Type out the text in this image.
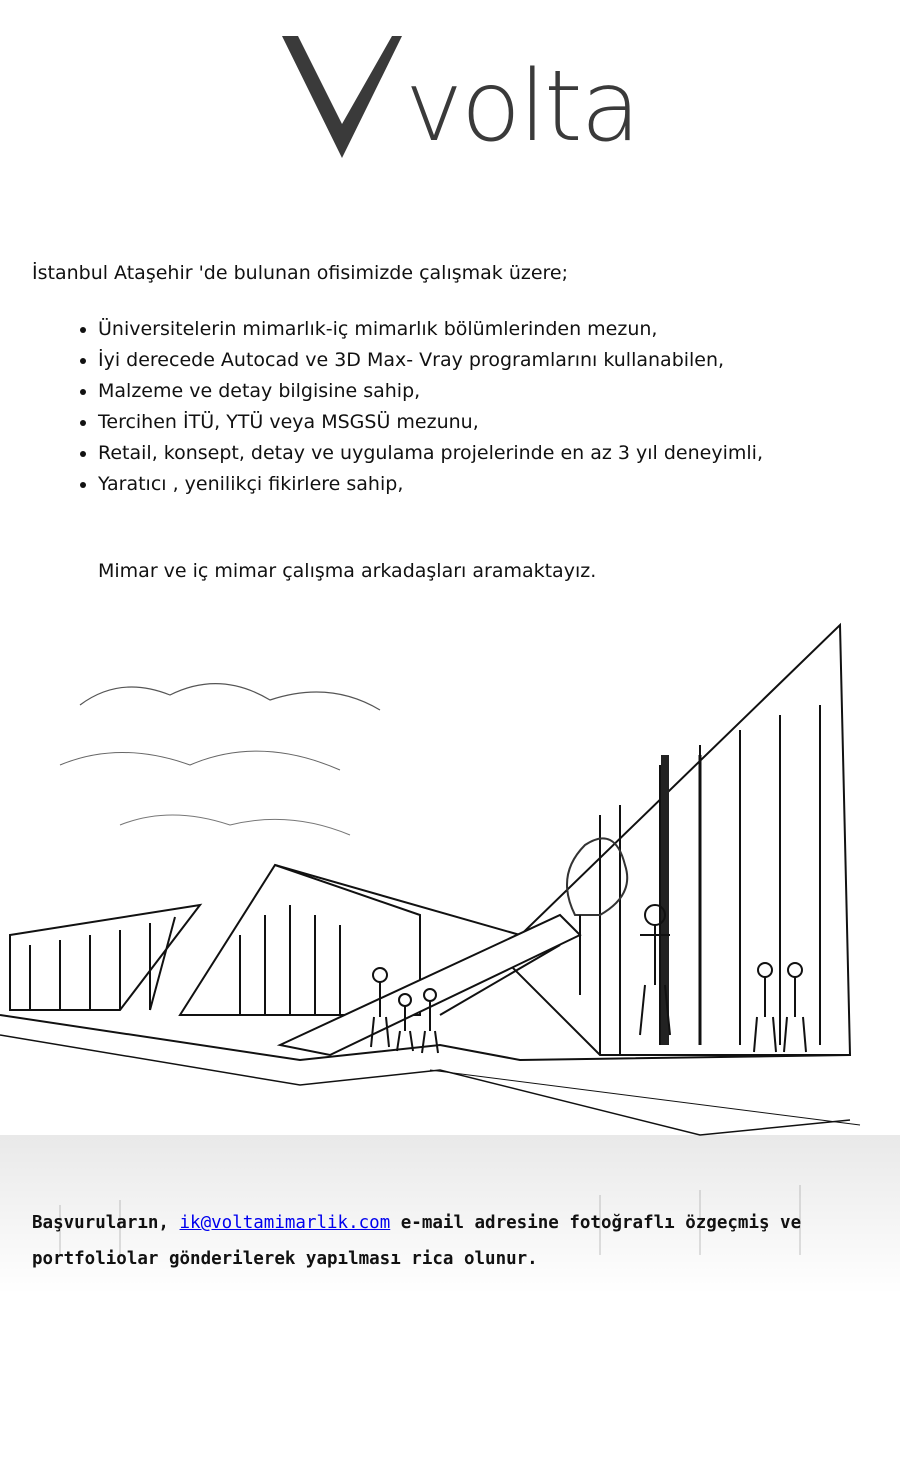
volta

İstanbul Ataşehir 'de bulunan ofisimizde çalışmak üzere;

• Üniversitelerin mimarlık-iç mimarlık bölümlerinden mezun,
• İyi derecede Autocad ve 3D Max- Vray programlarını kullanabilen,
• Malzeme ve detay bilgisine sahip,
• Tercihen İTÜ, YTÜ veya MSGSÜ mezunu,
• Retail, konsept, detay ve uygulama projelerinde en az 3 yıl deneyimli,
• Yaratıcı , yenilikçi fikirlere sahip,

Mimar ve iç mimar çalışma arkadaşları aramaktayız.

Başvuruların, ik@voltamimarlik.com e-mail adresine fotoğraflı özgeçmiş ve portfoliolar gönderilerek yapılması rica olunur.
